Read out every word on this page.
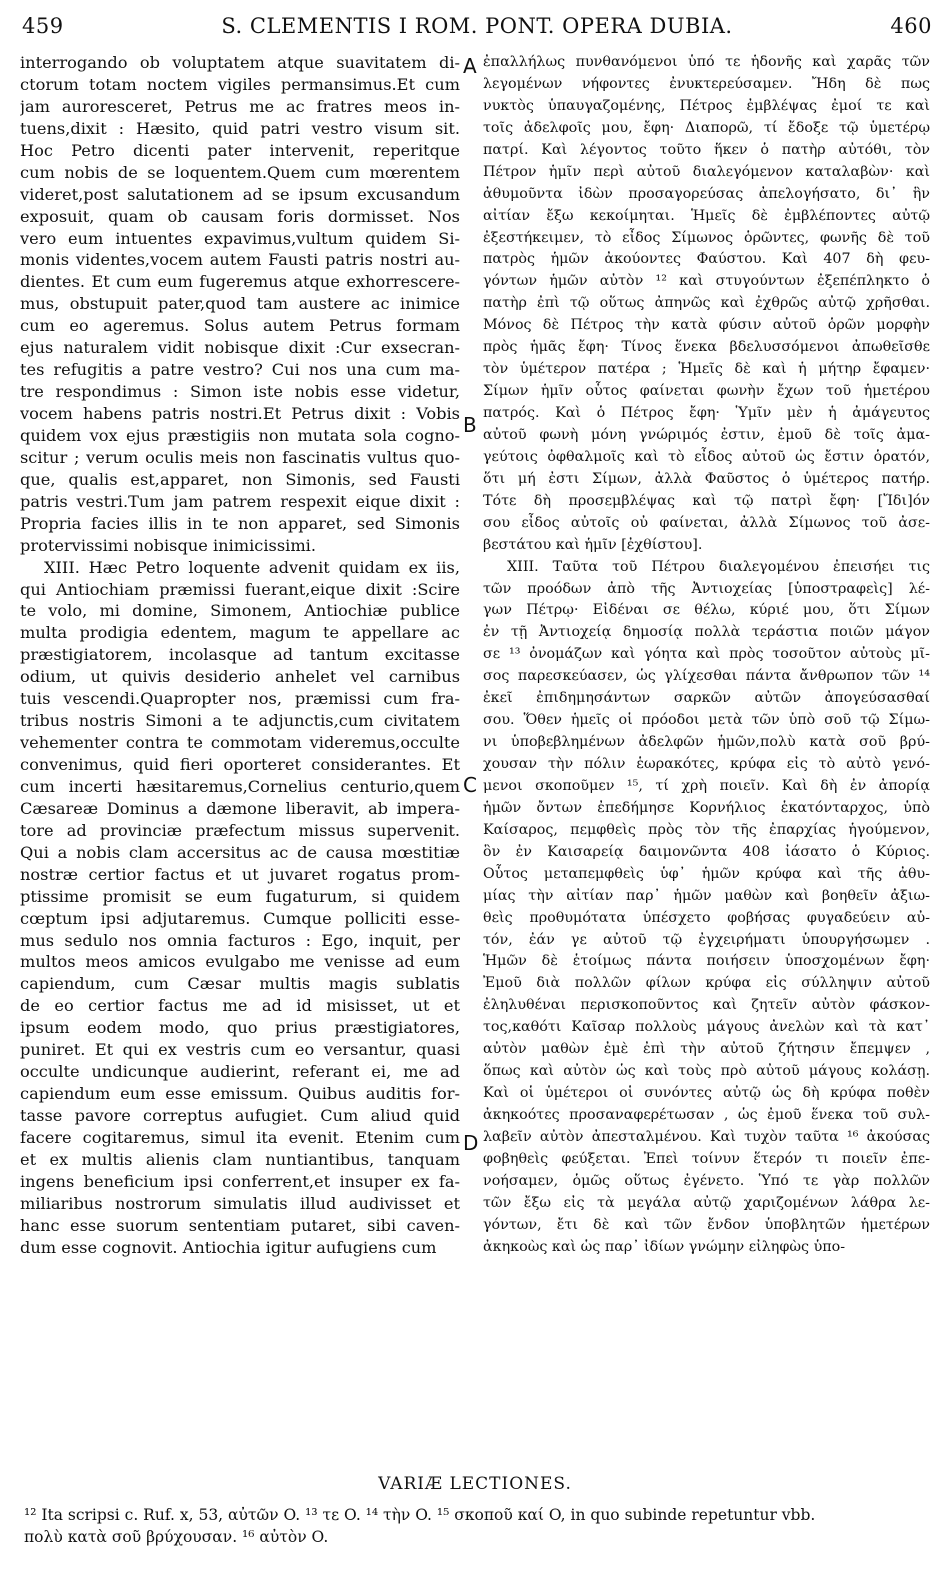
459	S. CLEMENTIS I ROM. PONT. OPERA DUBIA.	460
interrogando ob voluptatem atque suavitatem di-
ctorum totam noctem vigiles permansimus.Et cum
jam auroresceret, Petrus me ac fratres meos in-
tuens,dixit : Hæsito, quid patri vestro visum sit.
Hoc Petro dicenti pater intervenit, reperitque
cum nobis de se loquentem.Quem cum mœrentem
videret,post salutationem ad se ipsum excusandum
exposuit, quam ob causam foris dormisset. Nos
vero eum intuentes expavimus,vultum quidem Si-
monis videntes,vocem autem Fausti patris nostri au-
dientes. Et cum eum fugeremus atque exhorrescere-
mus, obstupuit pater,quod tam austere ac inimice
cum eo ageremus. Solus autem Petrus formam
ejus naturalem vidit nobisque dixit :Cur exsecran-
tes refugitis a patre vestro? Cui nos una cum ma-
tre respondimus : Simon iste nobis esse videtur,
vocem habens patris nostri.Et Petrus dixit : Vobis
quidem vox ejus præstigiis non mutata sola cogno-
scitur ; verum oculis meis non fascinatis vultus quo-
que, qualis est,apparet, non Simonis, sed Fausti
patris vestri.Tum jam patrem respexit eique dixit :
Propria facies illis in te non apparet, sed Simonis
protervissimi nobisque inimicissimi.
XIII. Hæc Petro loquente advenit quidam ex iis,
qui Antiochiam præmissi fuerant,eique dixit :Scire
te volo, mi domine, Simonem, Antiochiæ publice
multa prodigia edentem, magum te appellare ac
præstigiatorem, incolasque ad tantum excitasse
odium, ut quivis desiderio anhelet vel carnibus
tuis vescendi.Quapropter nos, præmissi cum fra-
tribus nostris Simoni a te adjunctis,cum civitatem
vehementer contra te commotam videremus,occulte
convenimus, quid fieri oporteret considerantes. Et
cum incerti hæsitaremus,Cornelius centurio,quem
Cæsareæ Dominus a dæmone liberavit, ab impera-
tore ad provinciæ præfectum missus supervenit.
Qui a nobis clam accersitus ac de causa mœstitiæ
nostræ certior factus et ut juvaret rogatus prom-
ptissime promisit se eum fugaturum, si quidem
cœptum ipsi adjutaremus. Cumque polliciti esse-
mus sedulo nos omnia facturos : Ego, inquit, per
multos meos amicos evulgabo me venisse ad eum
capiendum, cum Cæsar multis magis sublatis
de eo certior factus me ad id misisset, ut et
ipsum eodem modo, quo prius præstigiatores,
puniret. Et qui ex vestris cum eo versantur, quasi
occulte undicunque audierint, referant ei, me ad
capiendum eum esse emissum. Quibus auditis for-
tasse pavore correptus aufugiet. Cum aliud quid
facere cogitaremus, simul ita evenit. Etenim cum
et ex multis alienis clam nuntiantibus, tanquam
ingens beneficium ipsi conferrent,et insuper ex fa-
miliaribus nostrorum simulatis illud audivisset et
hanc esse suorum sententiam putaret, sibi caven-
dum esse cognovit. Antiochia igitur aufugiens cum
ἐπαλλήλως πυνθανόμενοι ὑπό τε ἡδονῆς καὶ χαρᾶς τῶν
λεγομένων νήφοντες ἐνυκτερεύσαμεν. Ἤδη δὲ πως
νυκτὸς ὑπαυγαζομένης, Πέτρος ἐμβλέψας ἐμοί τε καὶ
τοῖς ἀδελφοῖς μου, ἔφη· Διαπορῶ, τί ἔδοξε τῷ ὑμετέρῳ
πατρί. Καὶ λέγοντος τοῦτο ἥκεν ὁ πατὴρ αὐτόθι, τὸν
Πέτρον ἡμῖν περὶ αὐτοῦ διαλεγόμενον καταλαβὼν· καὶ
ἀθυμοῦντα ἰδὼν προσαγορεύσας ἀπελογήσατο, δι᾽ ἣν
αἰτίαν ἔξω κεκοίμηται. Ἡμεῖς δὲ ἐμβλέποντες αὐτῷ
ἐξεστήκειμεν, τὸ εἶδος Σίμωνος ὁρῶντες, φωνῆς δὲ τοῦ
πατρὸς ἡμῶν ἀκούοντες Φαύστου. Καὶ 407 δὴ φευ-
γόντων ἡμῶν αὐτὸν ¹² καὶ στυγούντων ἐξεπέπληκτο ὁ
πατὴρ ἐπὶ τῷ οὕτως ἀπηνῶς καὶ ἐχθρῶς αὐτῷ χρῆσθαι.
Μόνος δὲ Πέτρος τὴν κατὰ φύσιν αὐτοῦ ὁρῶν μορφὴν
πρὸς ἡμᾶς ἔφη· Τίνος ἕνεκα βδελυσσόμενοι ἀπωθεῖσθε
τὸν ὑμέτερον πατέρα ; Ἡμεῖς δὲ καὶ ἡ μήτηρ ἔφαμεν·
Σίμων ἡμῖν οὗτος φαίνεται φωνὴν ἔχων τοῦ ἡμετέρου
πατρός. Καὶ ὁ Πέτρος ἔφη· Ὑμῖν μὲν ἡ ἀμάγευτος
αὐτοῦ φωνὴ μόνη γνώριμός ἐστιν, ἐμοῦ δὲ τοῖς ἀμα-
γεύτοις ὀφθαλμοῖς καὶ τὸ εἶδος αὐτοῦ ὡς ἔστιν ὁρατόν,
ὅτι μή ἐστι Σίμων, ἀλλὰ Φαῦστος ὁ ὑμέτερος πατήρ.
Τότε δὴ προσεμβλέψας καὶ τῷ πατρὶ ἔφη· [Ἴδι]όν
σου εἶδος αὐτοῖς οὐ φαίνεται, ἀλλὰ Σίμωνος τοῦ ἀσε-
βεστάτου καὶ ἡμῖν [ἐχθίστου].
XIII. Ταῦτα τοῦ Πέτρου διαλεγομένου ἐπεισήει τις
τῶν προόδων ἀπὸ τῆς Ἀντιοχείας [ὑποστραφεὶς] λέ-
γων Πέτρῳ· Εἰδέναι σε θέλω, κύριέ μου, ὅτι Σίμων
ἐν τῇ Ἀντιοχείᾳ δημοσίᾳ πολλὰ τεράστια ποιῶν μάγον
σε ¹³ ὀνομάζων καὶ γόητα καὶ πρὸς τοσοῦτον αὐτοὺς μῖ-
σος παρεσκεύασεν, ὡς γλίχεσθαι πάντα ἄνθρωπον τῶν ¹⁴
ἐκεῖ ἐπιδημησάντων σαρκῶν αὐτῶν ἀπογεύσασθαί
σου. Ὅθεν ἡμεῖς οἱ πρόοδοι μετὰ τῶν ὑπὸ σοῦ τῷ Σίμω-
νι ὑποβεβλημένων ἀδελφῶν ἡμῶν,πολὺ κατὰ σοῦ βρύ-
χουσαν τὴν πόλιν ἑωρακότες, κρύφα εἰς τὸ αὐτὸ γενό-
μενοι σκοποῦμεν ¹⁵, τί χρὴ ποιεῖν. Καὶ δὴ ἐν ἀπορίᾳ
ἡμῶν ὄντων ἐπεδήμησε Κορνήλιος ἑκατόνταρχος, ὑπὸ
Καίσαρος, πεμφθεὶς πρὸς τὸν τῆς ἐπαρχίας ἡγούμενον,
ὃν ἐν Καισαρείᾳ δαιμονῶντα 408 ἰάσατο ὁ Κύριος.
Οὗτος μεταπεμφθεὶς ὑφ᾽ ἡμῶν κρύφα καὶ τῆς ἀθυ-
μίας τὴν αἰτίαν παρ᾽ ἡμῶν μαθὼν καὶ βοηθεῖν ἀξιω-
θεὶς προθυμότατα ὑπέσχετο φοβήσας φυγαδεύειν αὐ-
τόν, ἐάν γε αὐτοῦ τῷ ἐγχειρήματι ὑπουργήσωμεν .
Ἡμῶν δὲ ἑτοίμως πάντα ποιήσειν ὑποσχομένων ἔφη·
Ἐμοῦ διὰ πολλῶν φίλων κρύφα εἰς σύλληψιν αὐτοῦ
ἐληλυθέναι περισκοποῦντος καὶ ζητεῖν αὐτὸν φάσκον-
τος,καθότι Καῖσαρ πολλοὺς μάγους ἀνελὼν καὶ τὰ κατ᾽
αὐτὸν μαθὼν ἐμὲ ἐπὶ τὴν αὐτοῦ ζήτησιν ἔπεμψεν ,
ὅπως καὶ αὐτὸν ὡς καὶ τοὺς πρὸ αὐτοῦ μάγους κολάσῃ.
Καὶ οἱ ὑμέτεροι οἱ συνόντες αὐτῷ ὡς δὴ κρύφα ποθὲν
ἀκηκοότες προσαναφερέτωσαν , ὡς ἐμοῦ ἕνεκα τοῦ συλ-
λαβεῖν αὐτὸν ἀπεσταλμένου. Καὶ τυχὸν ταῦτα ¹⁶ ἀκούσας
φοβηθεὶς φεύξεται. Ἐπεὶ τοίνυν ἕτερόν τι ποιεῖν ἐπε-
νοήσαμεν, ὁμῶς οὕτως ἐγένετο. Ὑπό τε γὰρ πολλῶν
τῶν ἔξω εἰς τὰ μεγάλα αὐτῷ χαριζομένων λάθρα λε-
γόντων, ἔτι δὲ καὶ τῶν ἔνδον ὑποβλητῶν ἡμετέρων
ἀκηκοὼς καὶ ὡς παρ᾽ ἰδίων γνώμην εἰληφὼς ὑπο-
A
B
C
D
VARIÆ LECTIONES.
¹² Ita scripsi c. Ruf. x, 53, αὐτῶν O. ¹³ τε O. ¹⁴ τὴν O. ¹⁵ σκοποῦ καί O, in quo subinde repetuntur vbb.
πολὺ κατὰ σοῦ βρύχουσαν. ¹⁶ αὐτὸν O.
